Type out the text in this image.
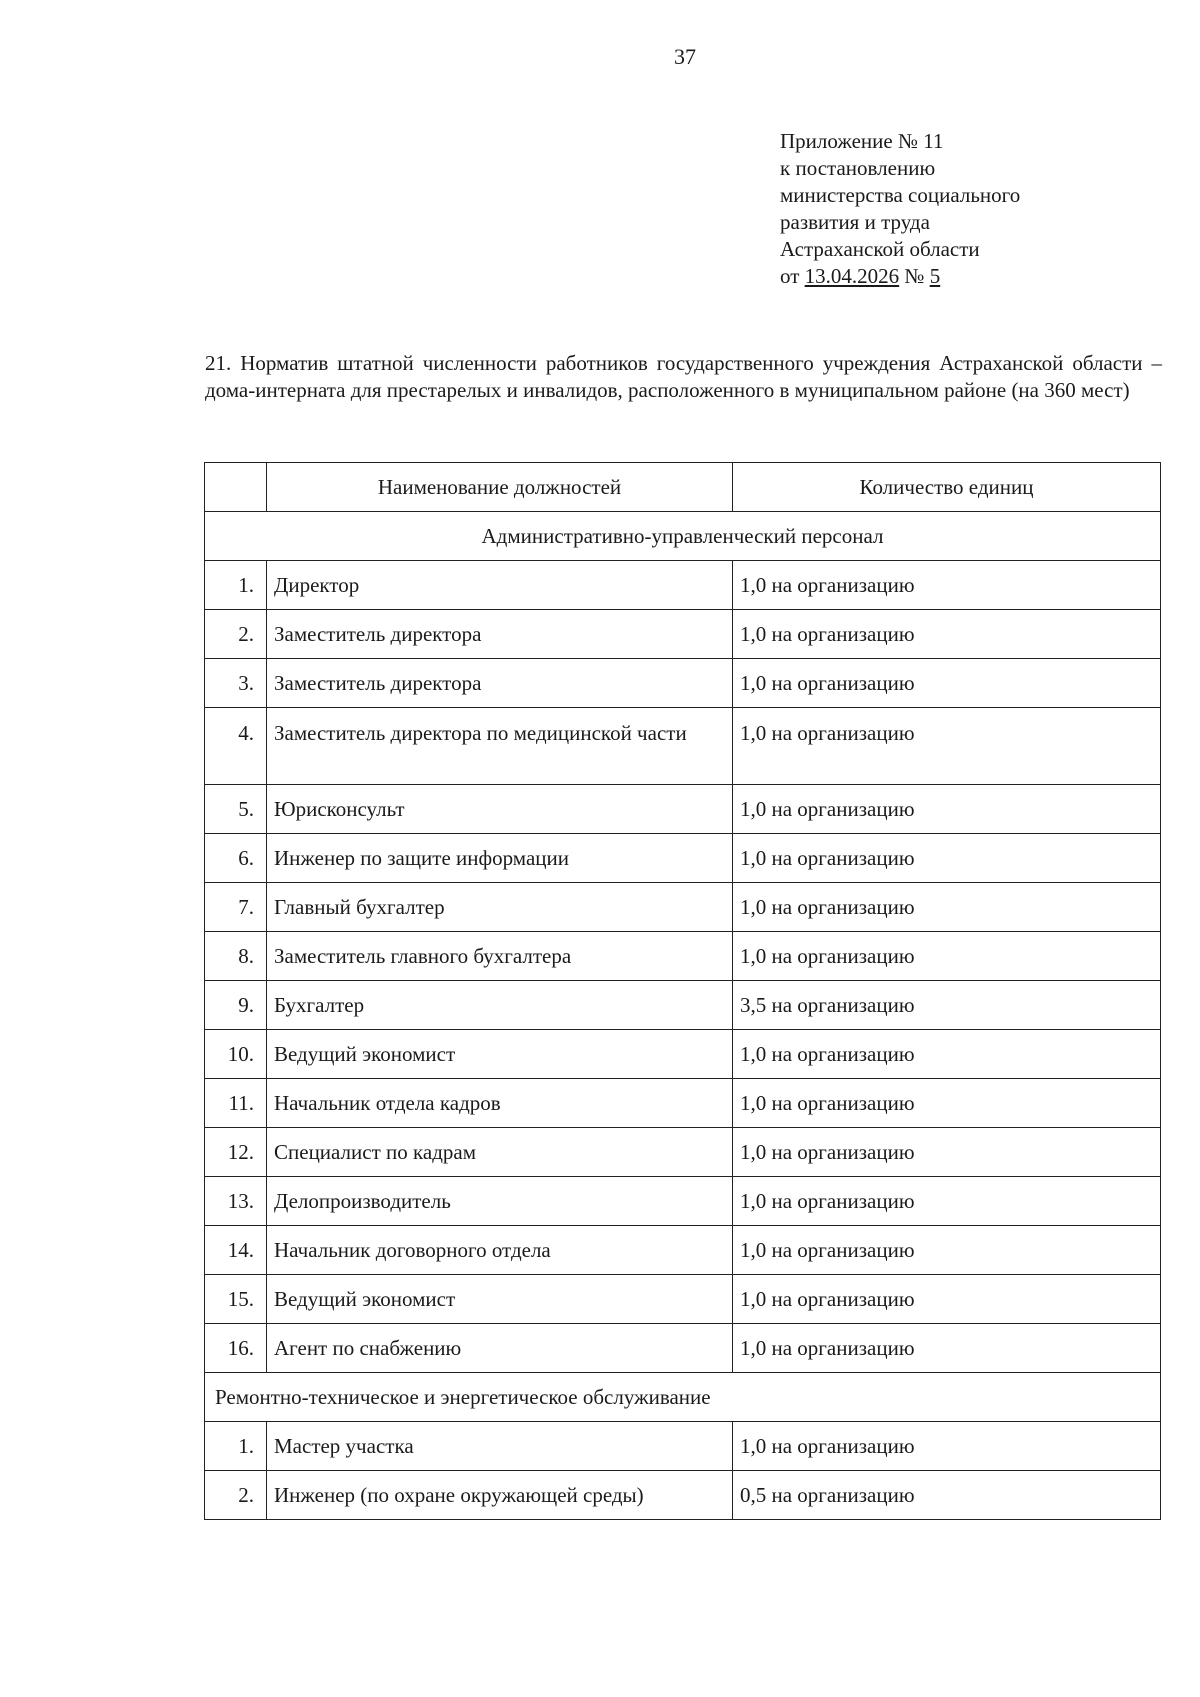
37
Приложение № 11
к постановлению
министерства социального
развития и труда
Астраханской области
от 13.04.2026 № 5
21. Норматив штатной численности работников государственного учреждения Астраханской области – дома-интерната для престарелых и инвалидов, расположенного в муниципальном районе (на 360 мест)
	Наименование должностей	Количество единиц
Административно-управленческий персонал		
1.	Директор	1,0 на организацию
2.	Заместитель директора	1,0 на организацию
3.	Заместитель директора	1,0 на организацию
4.	Заместитель директора по медицинской части	1,0 на организацию
5.	Юрисконсульт	1,0 на организацию
6.	Инженер по защите информации	1,0 на организацию
7.	Главный бухгалтер	1,0 на организацию
8.	Заместитель главного бухгалтера	1,0 на организацию
9.	Бухгалтер	3,5 на организацию
10.	Ведущий экономист	1,0 на организацию
11.	Начальник отдела кадров	1,0 на организацию
12.	Специалист по кадрам	1,0 на организацию
13.	Делопроизводитель	1,0 на организацию
14.	Начальник договорного отдела	1,0 на организацию
15.	Ведущий экономист	1,0 на организацию
16.	Агент по снабжению	1,0 на организацию
Ремонтно-техническое и энергетическое обслуживание		
1.	Мастер участка	1,0 на организацию
2.	Инженер (по охране окружающей среды)	0,5 на организацию
